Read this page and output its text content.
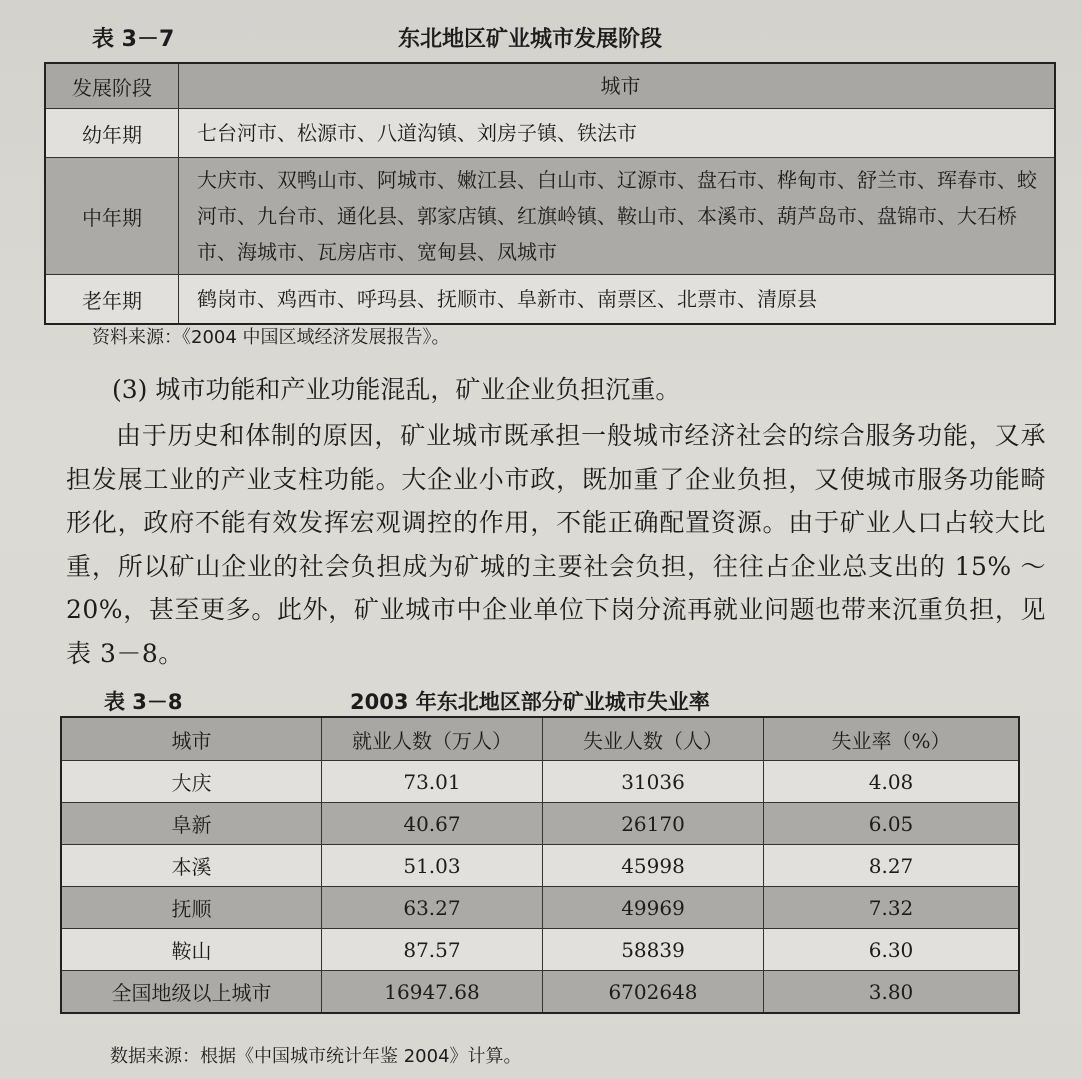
表 3－7	东北地区矿业城市发展阶段
发展阶段	城市
幼年期	七台河市、松源市、八道沟镇、刘房子镇、铁法市
中年期	大庆市、双鸭山市、阿城市、嫩江县、白山市、辽源市、盘石市、桦甸市、舒兰市、珲春市、蛟河市、九台市、通化县、郭家店镇、红旗岭镇、鞍山市、本溪市、葫芦岛市、盘锦市、大石桥市、海城市、瓦房店市、宽甸县、凤城市
老年期	鹤岗市、鸡西市、呼玛县、抚顺市、阜新市、南票区、北票市、清原县
资料来源：《2004 中国区域经济发展报告》。
(3) 城市功能和产业功能混乱，矿业企业负担沉重。
由于历史和体制的原因，矿业城市既承担一般城市经济社会的综合服务功能，又承担发展工业的产业支柱功能。大企业小市政，既加重了企业负担，又使城市服务功能畸形化，政府不能有效发挥宏观调控的作用，不能正确配置资源。由于矿业人口占较大比重，所以矿山企业的社会负担成为矿城的主要社会负担，往往占企业总支出的 15% ～20%，甚至更多。此外，矿业城市中企业单位下岗分流再就业问题也带来沉重负担，见表 3－8。
表 3－8	2003 年东北地区部分矿业城市失业率
城市	就业人数（万人）	失业人数（人）	失业率（%）
大庆	73.01	31036	4.08
阜新	40.67	26170	6.05
本溪	51.03	45998	8.27
抚顺	63.27	49969	7.32
鞍山	87.57	58839	6.30
全国地级以上城市	16947.68	6702648	3.80
数据来源：根据《中国城市统计年鉴 2004》计算。
